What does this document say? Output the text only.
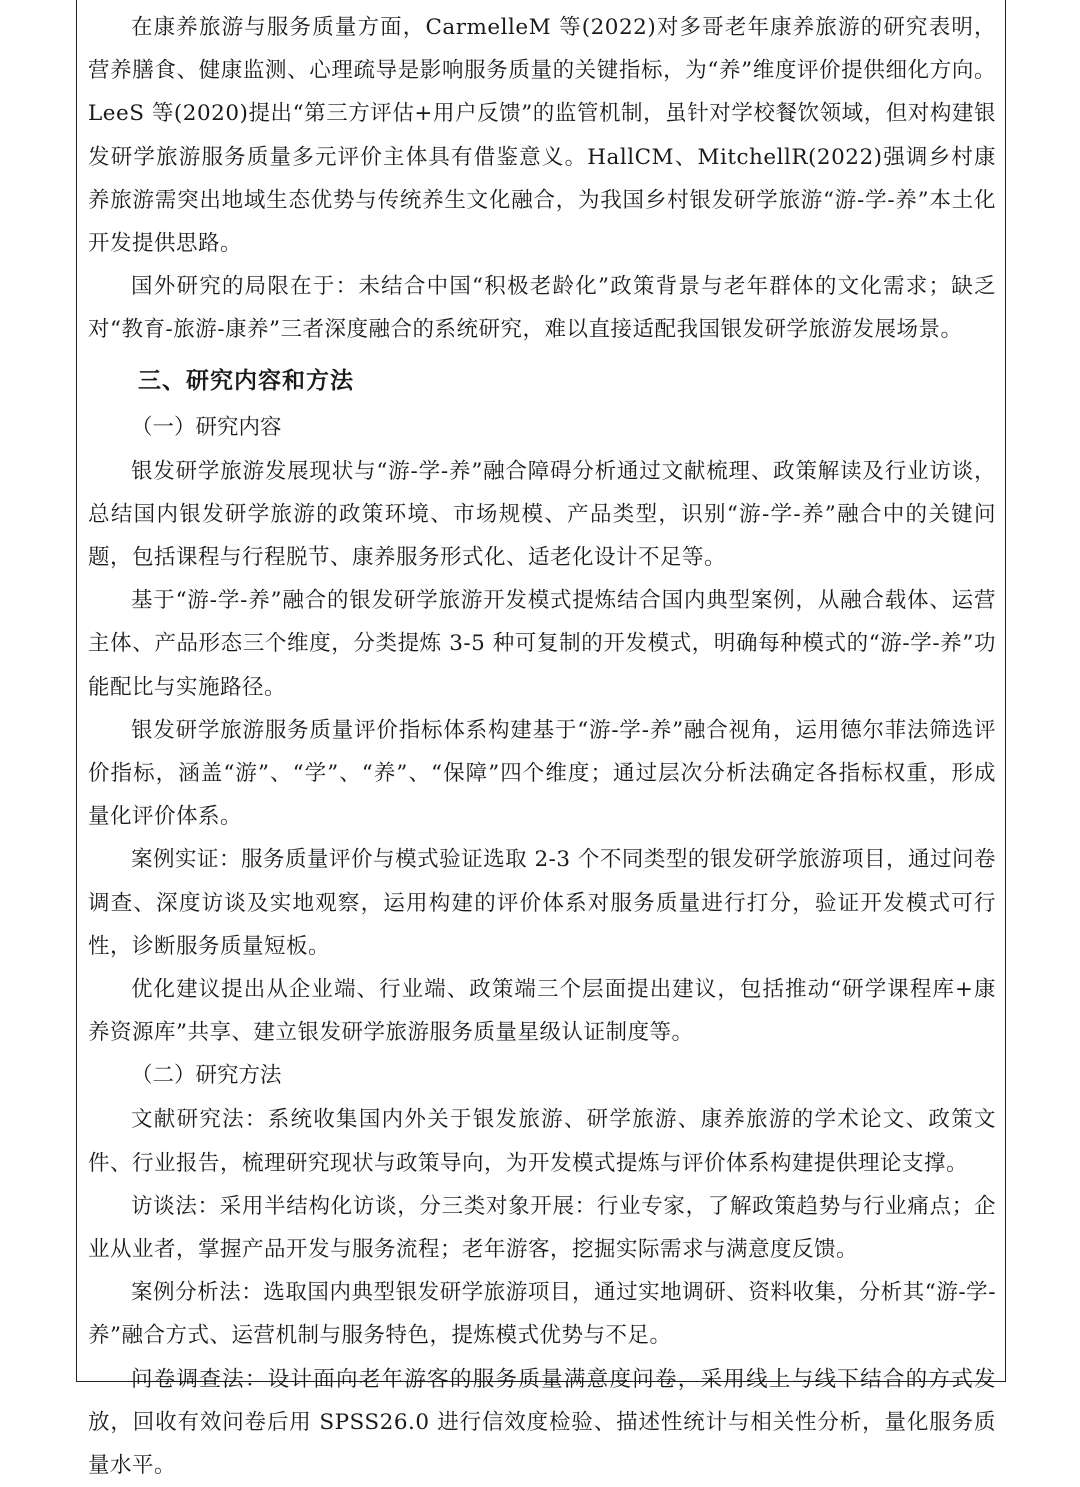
在康养旅游与服务质量方面，CarmelleM 等(2022)对多哥老年康养旅游的研究表明，营养膳食、健康监测、心理疏导是影响服务质量的关键指标，为“养”维度评价提供细化方向。LeeS 等(2020)提出“第三方评估+用户反馈”的监管机制，虽针对学校餐饮领域，但对构建银发研学旅游服务质量多元评价主体具有借鉴意义。HallCM、MitchellR(2022)强调乡村康养旅游需突出地域生态优势与传统养生文化融合，为我国乡村银发研学旅游“游-学-养”本土化开发提供思路。

国外研究的局限在于：未结合中国“积极老龄化”政策背景与老年群体的文化需求；缺乏对“教育-旅游-康养”三者深度融合的系统研究，难以直接适配我国银发研学旅游发展场景。

三、研究内容和方法
（一）研究内容

银发研学旅游发展现状与“游-学-养”融合障碍分析通过文献梳理、政策解读及行业访谈，总结国内银发研学旅游的政策环境、市场规模、产品类型，识别“游-学-养”融合中的关键问题，包括课程与行程脱节、康养服务形式化、适老化设计不足等。

基于“游-学-养”融合的银发研学旅游开发模式提炼结合国内典型案例，从融合载体、运营主体、产品形态三个维度，分类提炼 3-5 种可复制的开发模式，明确每种模式的“游-学-养”功能配比与实施路径。

银发研学旅游服务质量评价指标体系构建基于“游-学-养”融合视角，运用德尔菲法筛选评价指标，涵盖“游”、“学”、“养”、“保障”四个维度；通过层次分析法确定各指标权重，形成 量化评价体系。

案例实证：服务质量评价与模式验证选取 2-3 个不同类型的银发研学旅游项目，通过问卷调查、深度访谈及实地观察，运用构建的评价体系对服务质量进行打分，验证开发模式可行性，诊断服务质量短板。

优化建议提出从企业端、行业端、政策端三个层面提出建议，包括推动“研学课程库+康养资源库”共享、建立银发研学旅游服务质量星级认证制度等。

（二）研究方法

文献研究法：系统收集国内外关于银发旅游、研学旅游、康养旅游的学术论文、政策文件、行业报告，梳理研究现状与政策导向，为开发模式提炼与评价体系构建提供理论支撑。

访谈法：采用半结构化访谈，分三类对象开展：行业专家，了解政策趋势与行业痛点；企业从业者，掌握产品开发与服务流程；老年游客，挖掘实际需求与满意度反馈。

案例分析法：选取国内典型银发研学旅游项目，通过实地调研、资料收集，分析其“游-学-养”融合方式、运营机制与服务特色，提炼模式优势与不足。

问卷调查法：设计面向老年游客的服务质量满意度问卷，采用线上与线下结合的方式发放，回收有效问卷后用 SPSS26.0 进行信效度检验、描述性统计与相关性分析，量化服务质量水平。
